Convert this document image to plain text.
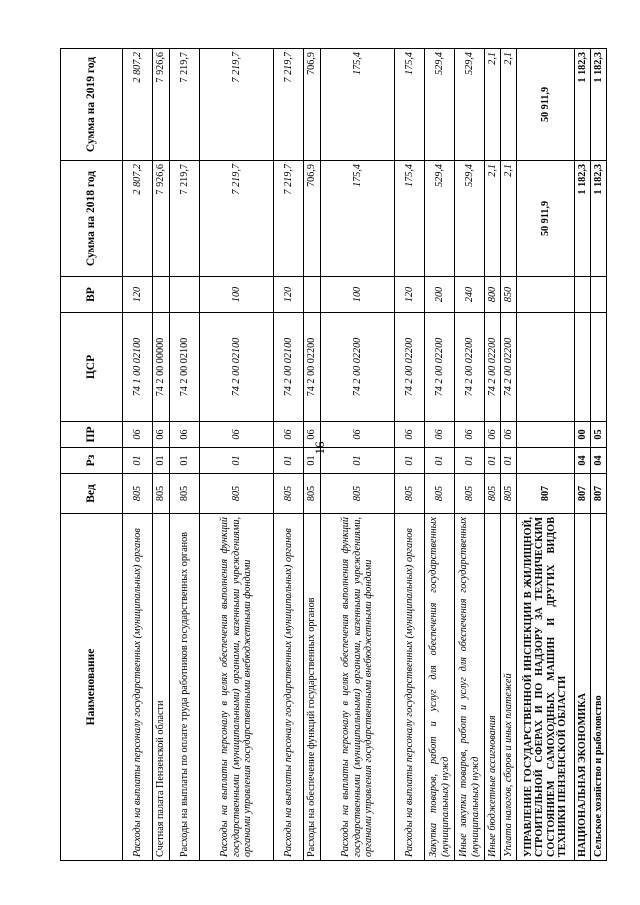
16
Наименование	Вед	Рз	ПР	ЦСР	ВР	Сумма на 2018 год	Сумма на 2019 год
Расходы на выплаты персоналу государственных (муниципальных) органов	805	01	06	74 1 00 02100	120	2 807,2	2 807,2
Счетная палата Пензенской области	805	01	06	74 2 00 00000		7 926,6	7 926,6
Расходы на выплаты по оплате труда работников государственных органов	805	01	06	74 2 00 02100		7 219,7	7 219,7
Расходы на выплаты персоналу в целях обеспечения выполнения функций государственными (муниципальными) органами, казенными учреждениями, органами управления государственными внебюджетными фондами	805	01	06	74 2 00 02100	100	7 219,7	7 219,7
Расходы на выплаты персоналу государственных (муниципальных) органов	805	01	06	74 2 00 02100	120	7 219,7	7 219,7
Расходы на обеспечение функций государственных органов	805	01	06	74 2 00 02200		706,9	706,9
Расходы на выплаты персоналу в целях обеспечения выполнения функций государственными (муниципальными) органами, казенными учреждениями, органами управления государственными внебюджетными фондами	805	01	06	74 2 00 02200	100	175,4	175,4
Расходы на выплаты персоналу государственных (муниципальных) органов	805	01	06	74 2 00 02200	120	175,4	175,4
Закупка товаров, работ и услуг для обеспечения государственных (муниципальных) нужд	805	01	06	74 2 00 02200	200	529,4	529,4
Иные закупки товаров, работ и услуг для обеспечения государственных (муниципальных) нужд	805	01	06	74 2 00 02200	240	529,4	529,4
Иные бюджетные ассигнования	805	01	06	74 2 00 02200	800	2,1	2,1
Уплата налогов, сборов и иных платежей	805	01	06	74 2 00 02200	850	2,1	2,1
УПРАВЛЕНИЕ ГОСУДАРСТВЕННОЙ ИНСПЕКЦИИ В ЖИЛИЩНОЙ, СТРОИТЕЛЬНОЙ СФЕРАХ И ПО НАДЗОРУ ЗА ТЕХНИЧЕСКИМ СОСТОЯНИЕМ САМОХОДНЫХ МАШИН И ДРУГИХ ВИДОВ ТЕХНИКИ ПЕНЗЕНСКОЙ ОБЛАСТИ	807					50 911,9	50 911,9
НАЦИОНАЛЬНАЯ ЭКОНОМИКА	807	04	00			1 182,3	1 182,3
Сельское хозяйство и рыболовство	807	04	05			1 182,3	1 182,3
